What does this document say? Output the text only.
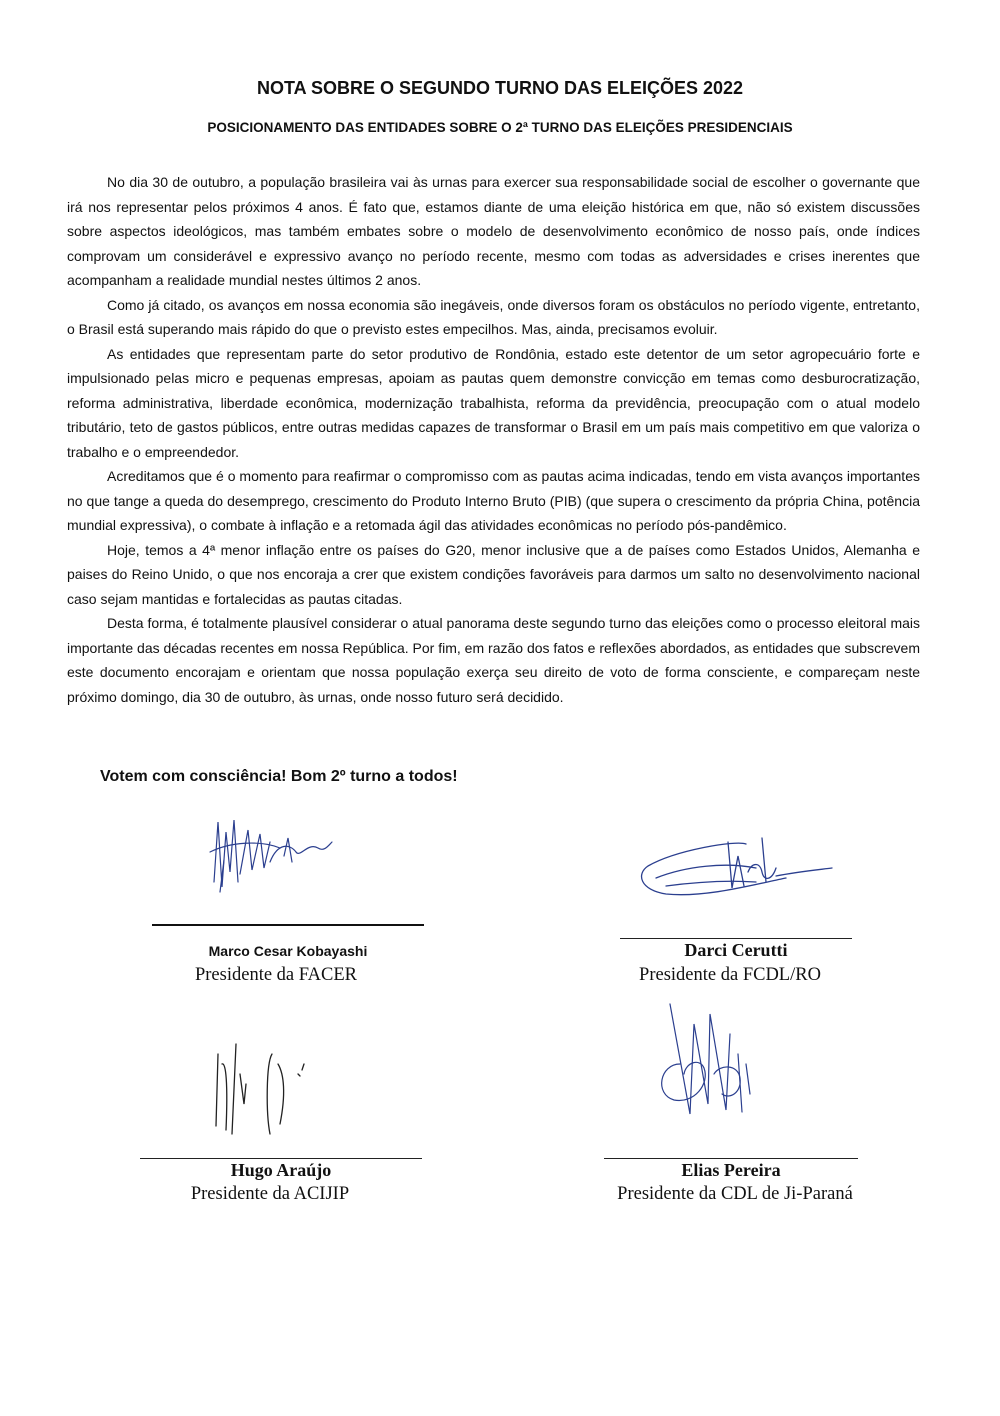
NOTA SOBRE O SEGUNDO TURNO DAS ELEIÇÕES 2022
POSICIONAMENTO DAS ENTIDADES SOBRE O 2ª TURNO DAS ELEIÇÕES PRESIDENCIAIS

No dia 30 de outubro, a população brasileira vai às urnas para exercer sua responsabilidade social de escolher o governante que irá nos representar pelos próximos 4 anos. É fato que, estamos diante de uma eleição histórica em que, não só existem discussões sobre aspectos ideológicos, mas também embates sobre o modelo de desenvolvimento econômico de nosso país, onde índices comprovam um considerável e expressivo avanço no período recente, mesmo com todas as adversidades e crises inerentes que acompanham a realidade mundial nestes últimos 2 anos.

Como já citado, os avanços em nossa economia são inegáveis, onde diversos foram os obstáculos no período vigente, entretanto, o Brasil está superando mais rápido do que o previsto estes empecilhos. Mas, ainda, precisamos evoluir.

As entidades que representam parte do setor produtivo de Rondônia, estado este detentor de um setor agropecuário forte e impulsionado pelas micro e pequenas empresas, apoiam as pautas quem demonstre convicção em temas como desburocratização, reforma administrativa, liberdade econômica, modernização trabalhista, reforma da previdência, preocupação com o atual modelo tributário, teto de gastos públicos, entre outras medidas capazes de transformar o Brasil em um país mais competitivo em que valoriza o trabalho e o empreendedor.

Acreditamos que é o momento para reafirmar o compromisso com as pautas acima indicadas, tendo em vista avanços importantes no que tange a queda do desemprego, crescimento do Produto Interno Bruto (PIB) (que supera o crescimento da própria China, potência mundial expressiva), o combate à inflação e a retomada ágil das atividades econômicas no período pós-pandêmico.

Hoje, temos a 4ª menor inflação entre os países do G20, menor inclusive que a de países como Estados Unidos, Alemanha e paises do Reino Unido, o que nos encoraja a crer que existem condições favoráveis para darmos um salto no desenvolvimento nacional caso sejam mantidas e fortalecidas as pautas citadas.

Desta forma, é totalmente plausível considerar o atual panorama deste segundo turno das eleições como o processo eleitoral mais importante das décadas recentes em nossa República. Por fim, em razão dos fatos e reflexões abordados, as entidades que subscrevem este documento encorajam e orientam que nossa população exerça seu direito de voto de forma consciente, e compareçam neste próximo domingo, dia 30 de outubro, às urnas, onde nosso futuro será decidido.

Votem com consciência! Bom 2º turno a todos!

Marco Cesar Kobayashi

Presidente da FACER

Darci Cerutti

Presidente da FCDL/RO

Hugo Araújo

Presidente da ACIJIP

Elias Pereira

Presidente da CDL de Ji-Paraná
